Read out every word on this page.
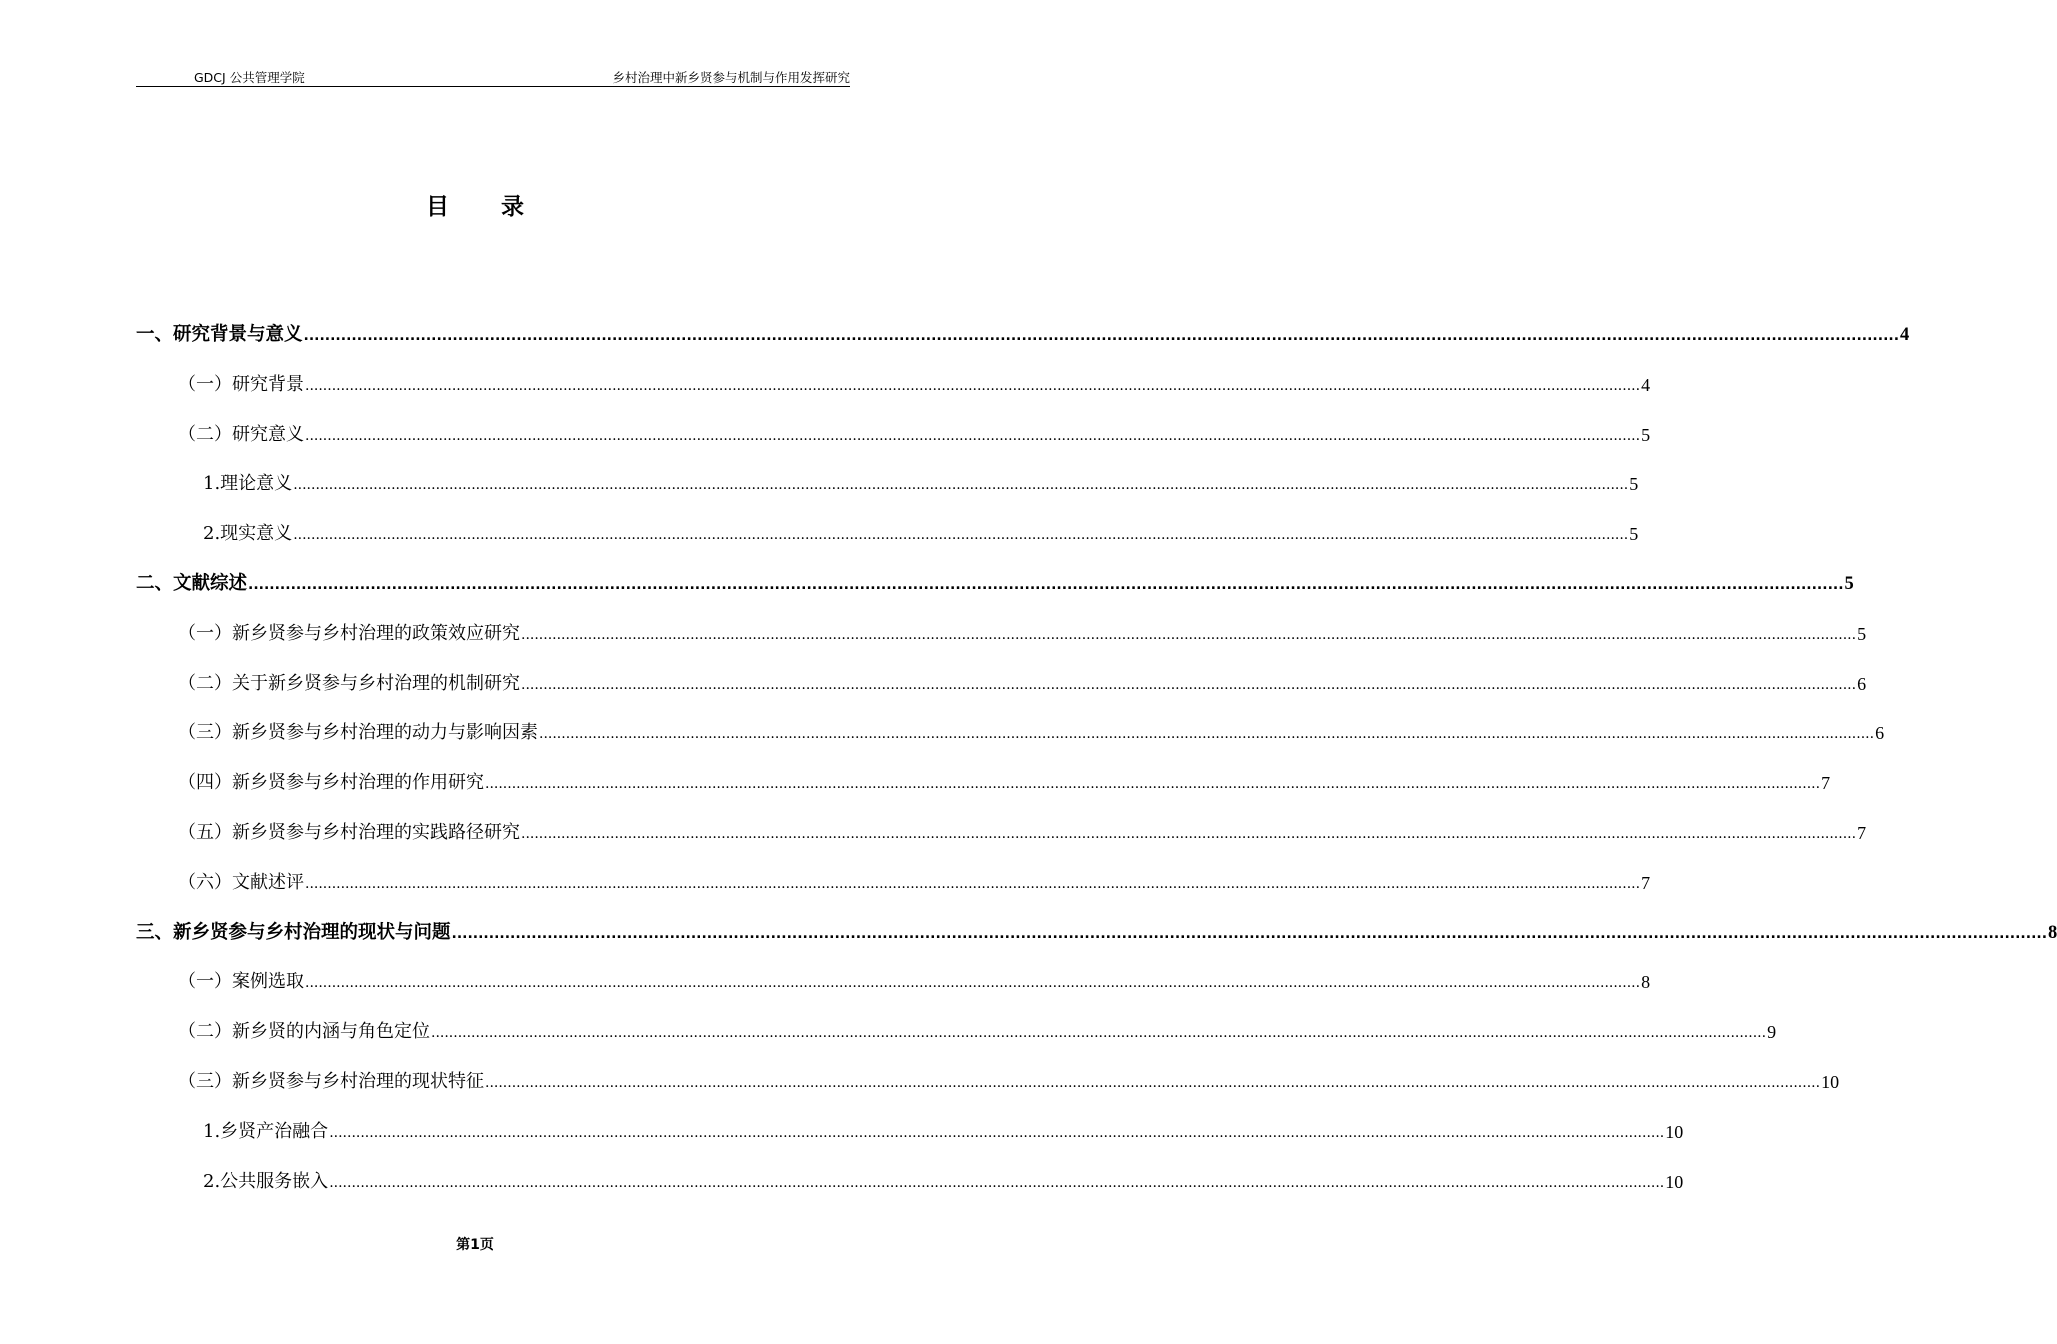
GDCJ 公共管理学院	乡村治理中新乡贤参与机制与作用发挥研究
目录
一、研究背景与意义 ............................................................................................................................................................................................................................................................................................................ 4
（一）研究背景 ............................................................................................................................................................................................................................................................................................................ 4
（二）研究意义 ............................................................................................................................................................................................................................................................................................................ 5
1.理论意义 ............................................................................................................................................................................................................................................................................................................ 5
2.现实意义 ............................................................................................................................................................................................................................................................................................................ 5
二、文献综述 ............................................................................................................................................................................................................................................................................................................ 5
（一）新乡贤参与乡村治理的政策效应研究 ............................................................................................................................................................................................................................................................................................................ 5
（二）关于新乡贤参与乡村治理的机制研究 ............................................................................................................................................................................................................................................................................................................ 6
（三）新乡贤参与乡村治理的动力与影响因素 ............................................................................................................................................................................................................................................................................................................ 6
（四）新乡贤参与乡村治理的作用研究 ............................................................................................................................................................................................................................................................................................................ 7
（五）新乡贤参与乡村治理的实践路径研究 ............................................................................................................................................................................................................................................................................................................ 7
（六）文献述评 ............................................................................................................................................................................................................................................................................................................ 7
三、新乡贤参与乡村治理的现状与问题 ............................................................................................................................................................................................................................................................................................................ 8
（一）案例选取 ............................................................................................................................................................................................................................................................................................................ 8
（二）新乡贤的内涵与角色定位 ............................................................................................................................................................................................................................................................................................................ 9
（三）新乡贤参与乡村治理的现状特征 ............................................................................................................................................................................................................................................................................................................ 10
1.乡贤产治融合 ............................................................................................................................................................................................................................................................................................................ 10
2.公共服务嵌入 ............................................................................................................................................................................................................................................................................................................ 10
第1页
